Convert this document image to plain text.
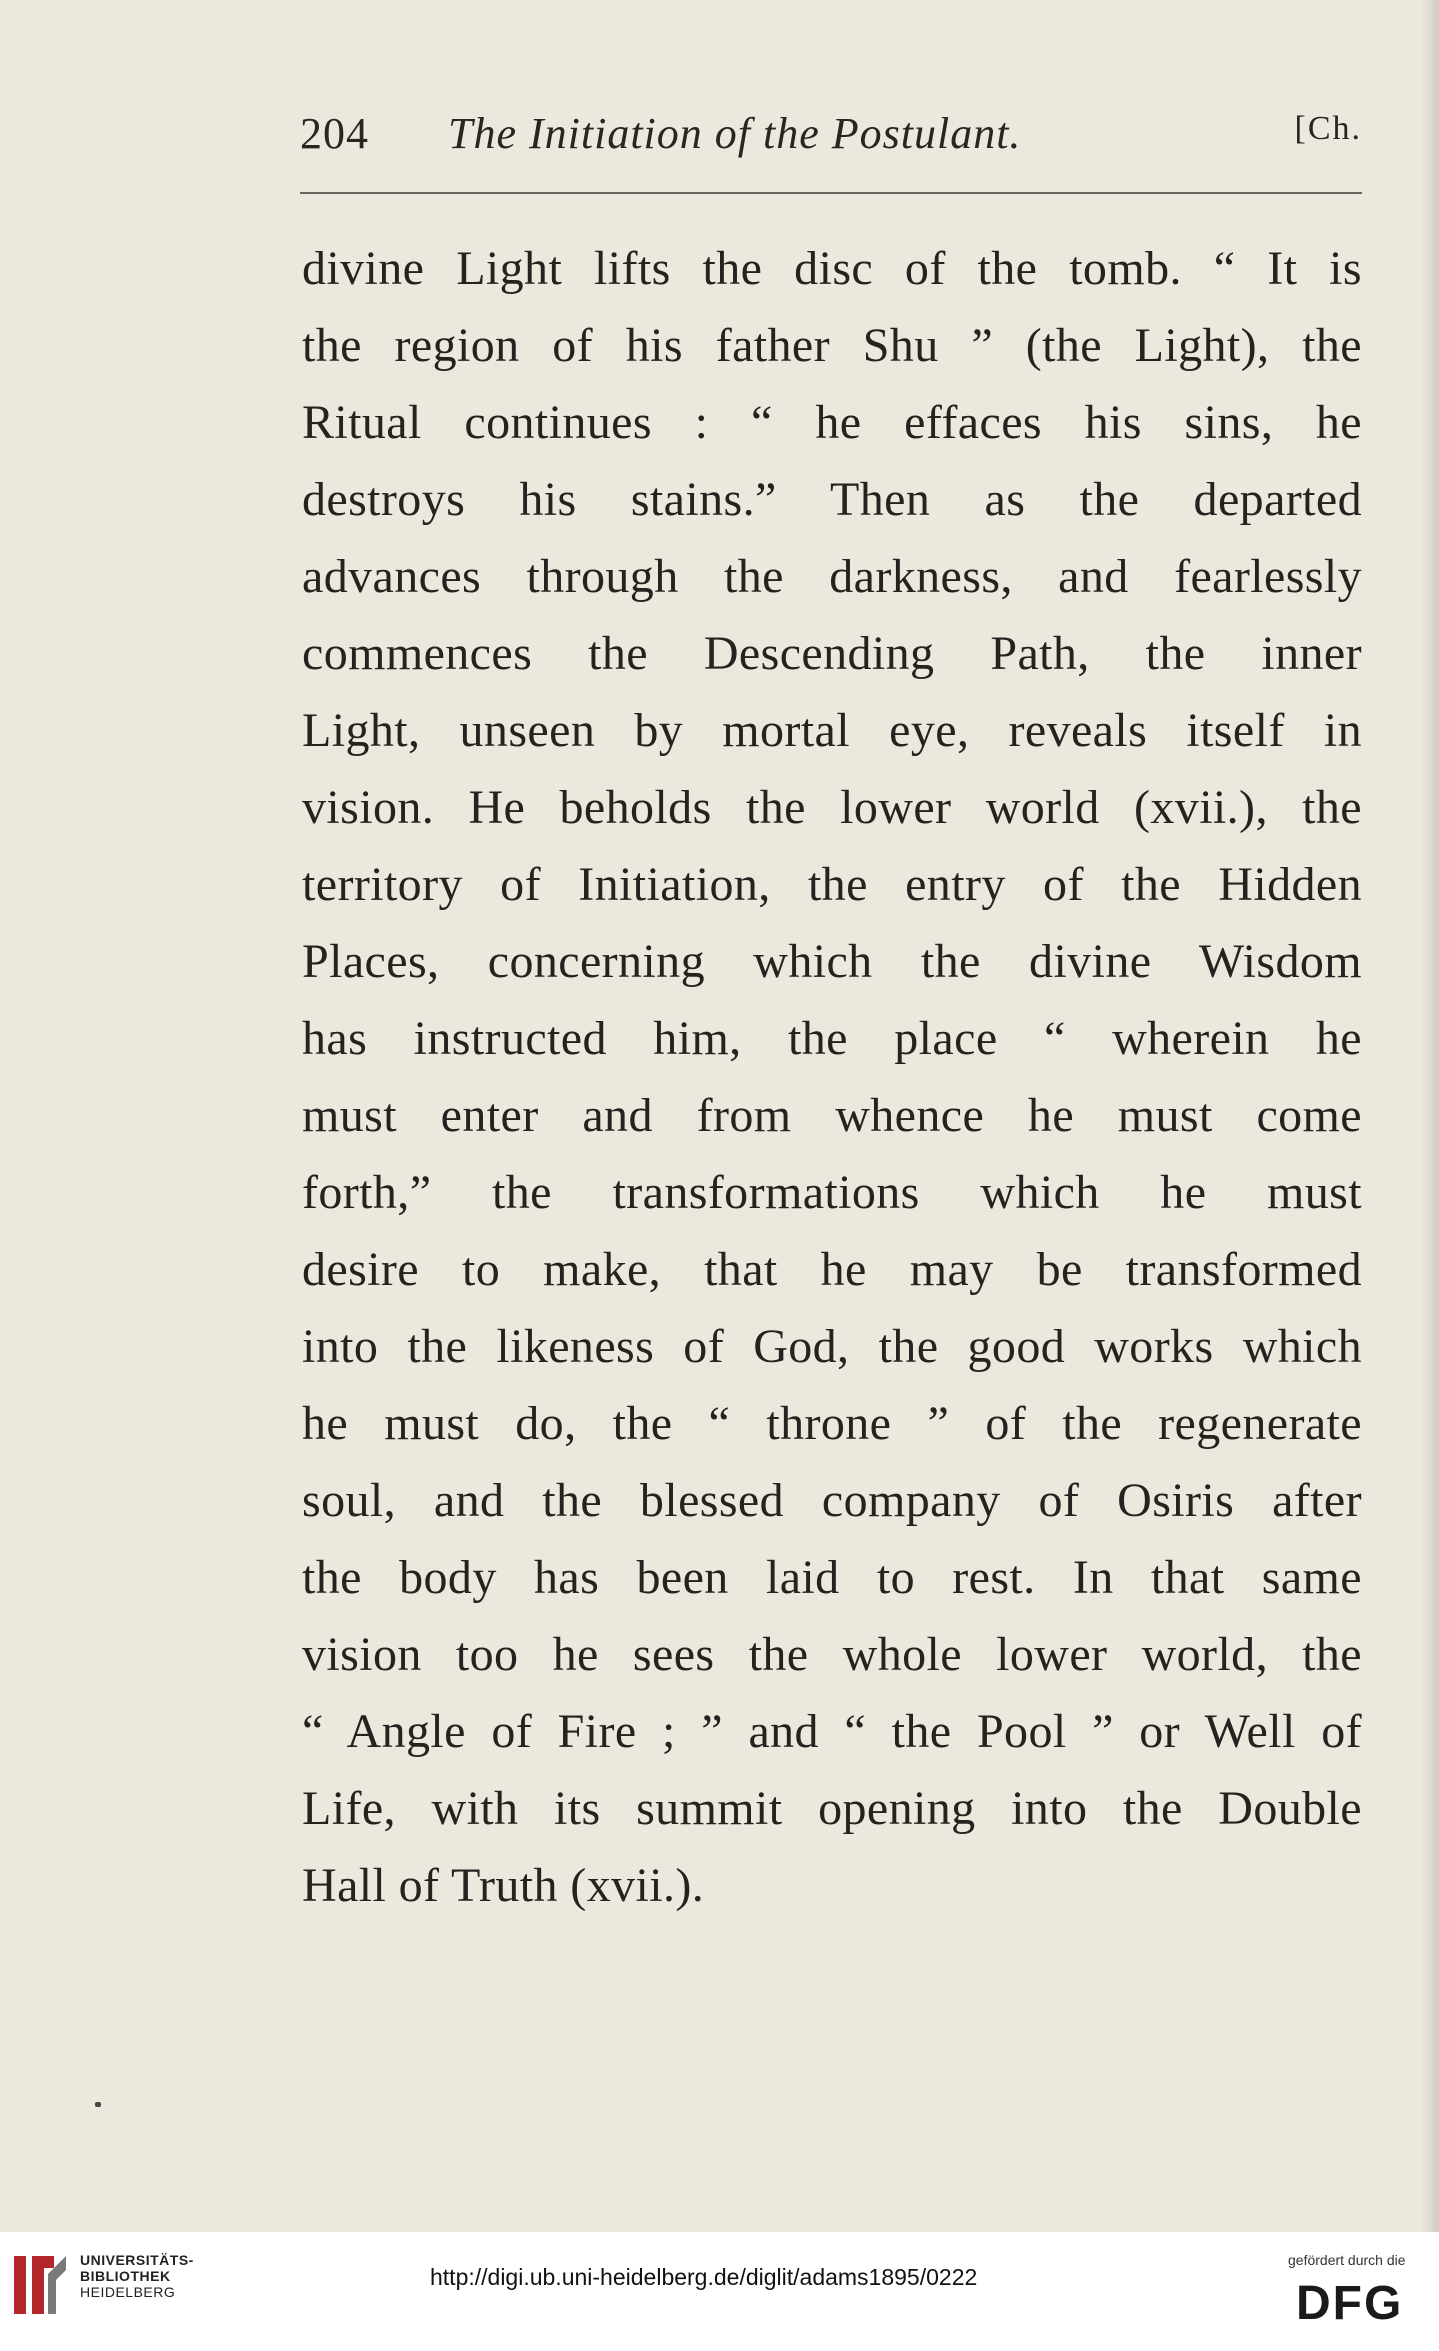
204 The Initiation of the Postulant.	[Ch.
divine Light lifts the disc of the tomb. “ It is
the region of his father Shu ” (the Light), the
Ritual continues : “ he effaces his sins, he
destroys his stains.” Then as the departed
advances through the darkness, and fearlessly
commences the Descending Path, the inner
Light, unseen by mortal eye, reveals itself in
vision. He beholds the lower world (xvii.), the
territory of Initiation, the entry of the Hidden
Places, concerning which the divine Wisdom
has instructed him, the place “ wherein he
must enter and from whence he must come
forth,” the transformations which he must
desire to make, that he may be transformed
into the likeness of God, the good works which
he must do, the “ throne ” of the regenerate
soul, and the blessed company of Osiris after
the body has been laid to rest. In that same
vision too he sees the whole lower world, the
“ Angle of Fire ; ” and “ the Pool ” or Well of
Life, with its summit opening into the Double
Hall of Truth (xvii.).
UNIVERSITÄTS-
BIBLIOTHEK
HEIDELBERG
http://digi.ub.uni-heidelberg.de/diglit/adams1895/0222
gefördert durch die
DFG
